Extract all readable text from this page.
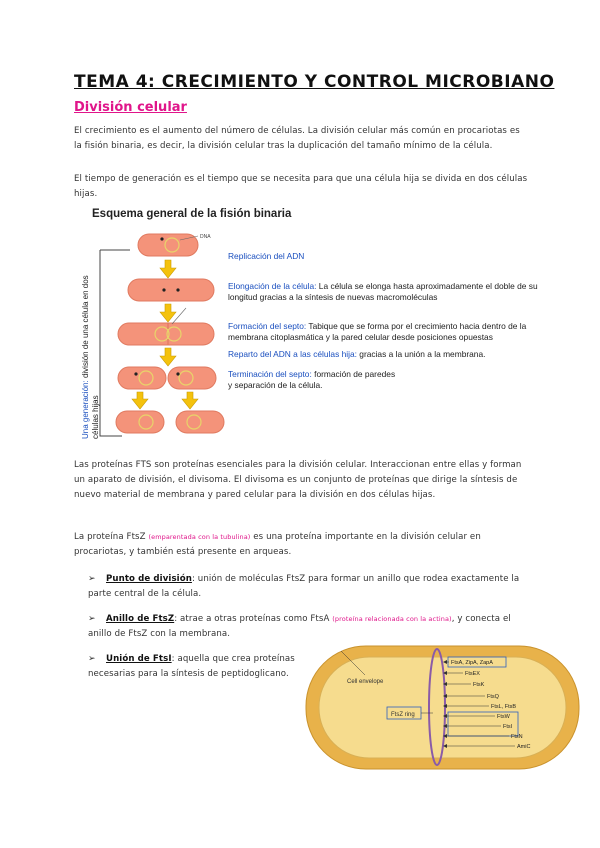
TEMA 4: CRECIMIENTO Y CONTROL MICROBIANO
División celular
El crecimiento es el aumento del número de células. La división celular más común en procariotas es la fisión binaria, es decir, la división celular tras la duplicación del tamaño mínimo de la célula.
El tiempo de generación es el tiempo que se necesita para que una célula hija se divida en dos células hijas.
Esquema general de la fisión binaria
DNA
Una generación: división de una célula en dos células hijas
Replicación del ADN
Elongación de la célula: La célula se elonga hasta aproximadamente el doble de su longitud gracias a la síntesis de nuevas macromoléculas
Formación del septo: Tabique que se forma por el crecimiento hacia dentro de la membrana citoplasmática y la pared celular desde posiciones opuestas
Reparto del ADN a las células hija: gracias a la unión a la membrana.
Terminación del septo: formación de paredes y separación de la célula.
Las proteínas FTS son proteínas esenciales para la división celular. Interaccionan entre ellas y forman un aparato de división, el divisoma. El divisoma es un conjunto de proteínas que dirige la síntesis de nuevo material de membrana y pared celular para la división en dos células hijas.
La proteína FtsZ (emparentada con la tubulina) es una proteína importante en la división celular en procariotas, y también está presente en arqueas.
➢ Punto de división: unión de moléculas FtsZ para formar un anillo que rodea exactamente la parte central de la célula.
➢ Anillo de FtsZ: atrae a otras proteínas como FtsA (proteína relacionada con la actina), y conecta el anillo de FtsZ con la membrana.
➢ Unión de FtsI: aquella que crea proteínas necesarias para la síntesis de peptidoglicano.
Cell envelope
FtsZ ring
FtsA, ZipA, ZapA
FtsEX
FtsK
FtsQ
FtsL, FtsB
FtsW
FtsI
FtsN
AmiC
